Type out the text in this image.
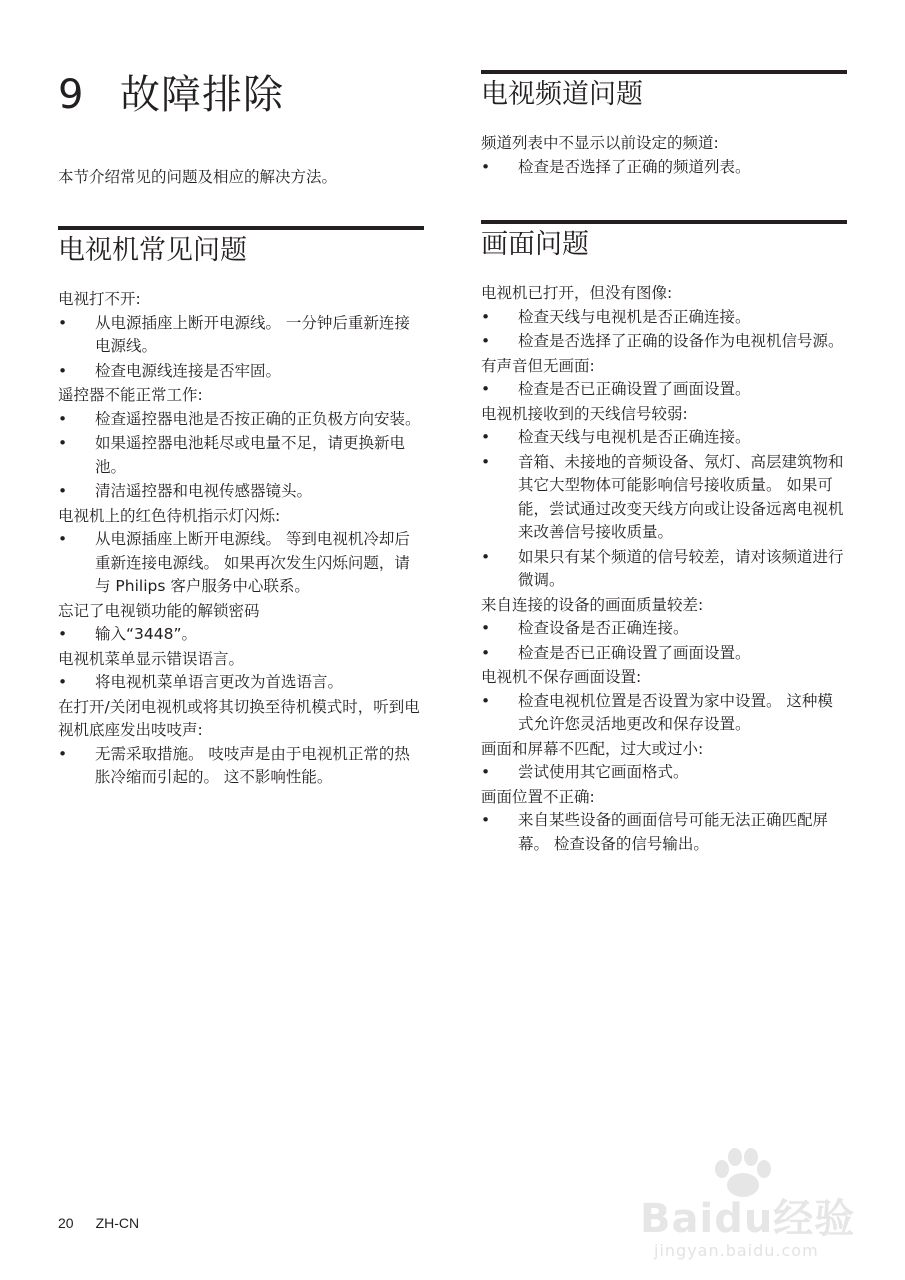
9 故障排除

本节介绍常见的问题及相应的解决方法。

电视机常见问题

电视打不开:

• 从电源插座上断开电源线。 一分钟后重新连接电源线。
• 检查电源线连接是否牢固。

遥控器不能正常工作:

• 检查遥控器电池是否按正确的正负极方向安装。
• 如果遥控器电池耗尽或电量不足，请更换新电池。
• 清洁遥控器和电视传感器镜头。

电视机上的红色待机指示灯闪烁:

• 从电源插座上断开电源线。 等到电视机冷却后重新连接电源线。 如果再次发生闪烁问题，请与 Philips 客户服务中心联系。

忘记了电视锁功能的解锁密码

• 输入“3448”。

电视机菜单显示错误语言。

• 将电视机菜单语言更改为首选语言。

在打开/关闭电视机或将其切换至待机模式时，听到电视机底座发出吱吱声:

• 无需采取措施。 吱吱声是由于电视机正常的热胀冷缩而引起的。 这不影响性能。
电视频道问题

频道列表中不显示以前设定的频道:

• 检查是否选择了正确的频道列表。
画面问题

电视机已打开，但没有图像:

• 检查天线与电视机是否正确连接。
• 检查是否选择了正确的设备作为电视机信号源。

有声音但无画面:

• 检查是否已正确设置了画面设置。

电视机接收到的天线信号较弱:

• 检查天线与电视机是否正确连接。
• 音箱、未接地的音频设备、氖灯、高层建筑物和其它大型物体可能影响信号接收质量。 如果可能，尝试通过改变天线方向或让设备远离电视机来改善信号接收质量。
• 如果只有某个频道的信号较差，请对该频道进行微调。

来自连接的设备的画面质量较差:

• 检查设备是否正确连接。
• 检查是否已正确设置了画面设置。

电视机不保存画面设置:

• 检查电视机位置是否设置为家中设置。 这种模式允许您灵活地更改和保存设置。

画面和屏幕不匹配，过大或过小:

• 尝试使用其它画面格式。

画面位置不正确:

• 来自某些设备的画面信号可能无法正确匹配屏幕。 检查设备的信号输出。
20 ZH-CN	Baidu经验
jingyan.baidu.com
